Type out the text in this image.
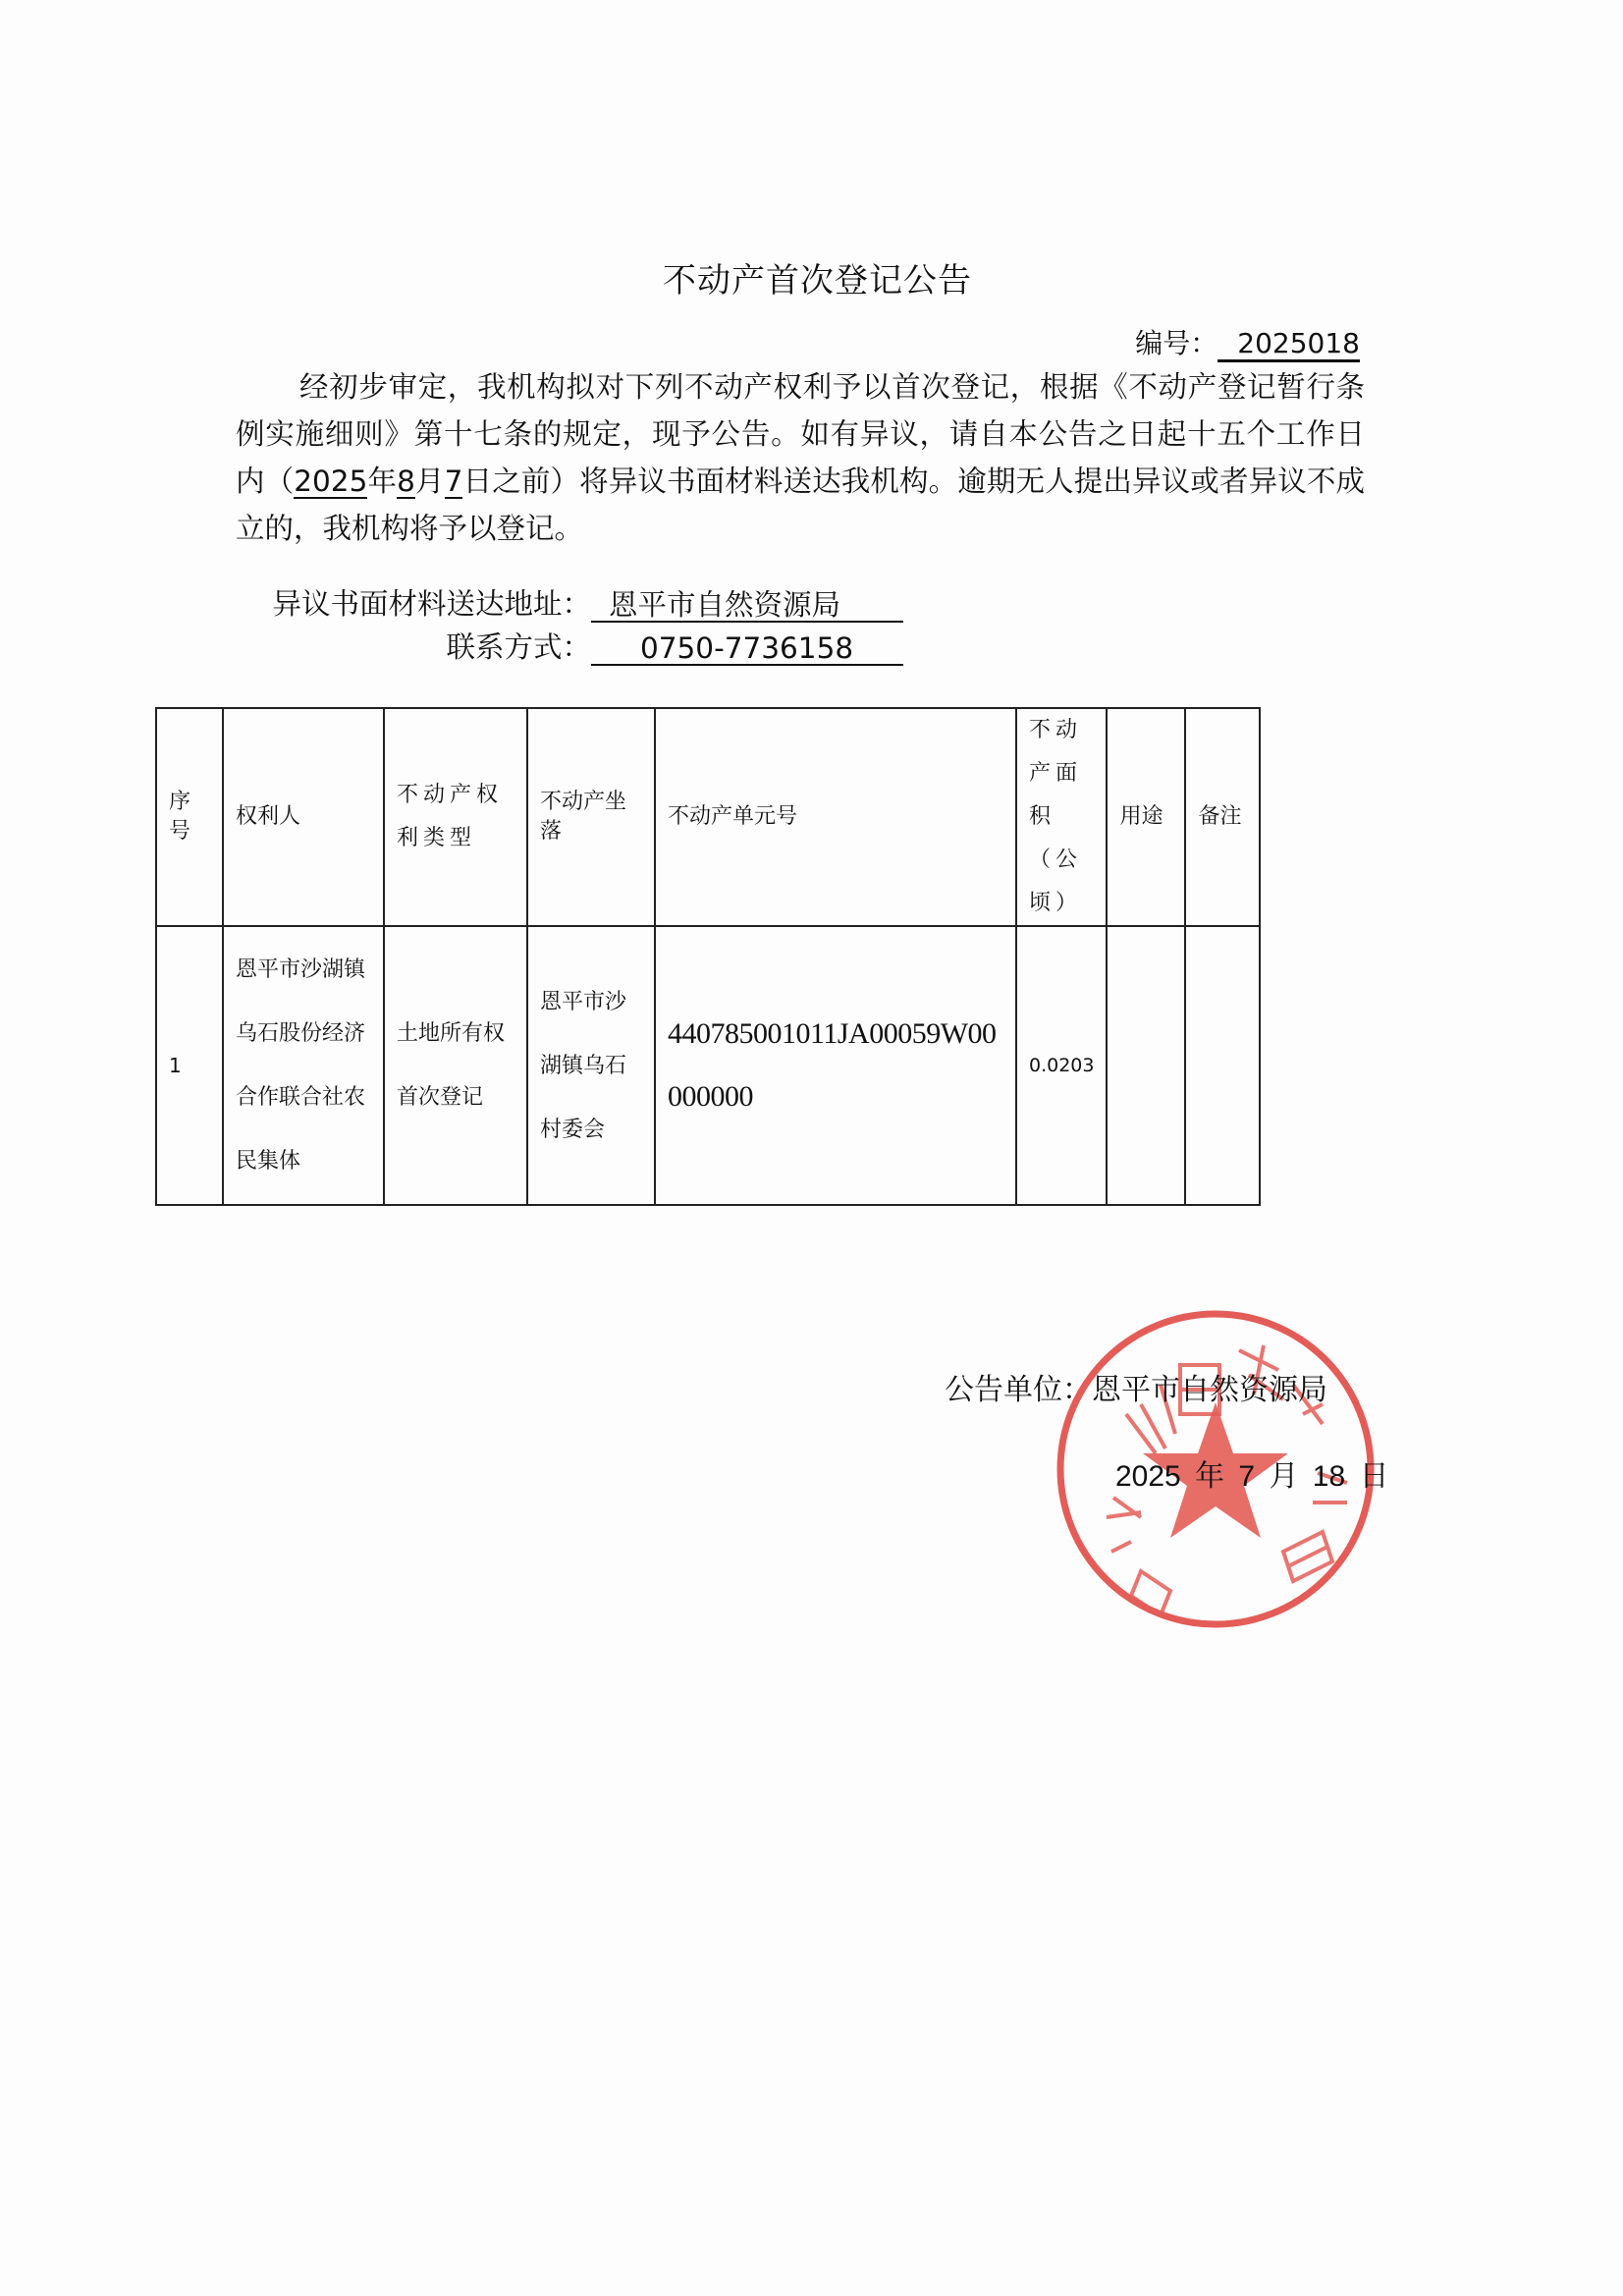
不动产首次登记公告
编号： 2025018
经初步审定，我机构拟对下列不动产权利予以首次登记，根据《不动产登记暂行条例实施细则》第十七条的规定，现予公告。如有异议，请自本公告之日起十五个工作日内（2025年8月7日之前）将异议书面材料送达我机构。逾期无人提出异议或者异议不成立的，我机构将予以登记。
异议书面材料送达地址： 恩平市自然资源局
联系方式：	0750-7736158
序号	权利人	不动产权利类型	不动产坐落	不动产单元号	不动产面积（公顷）	用途	备注
1	恩平市沙湖镇乌石股份经济合作联合社农民集体	土地所有权首次登记	恩平市沙湖镇乌石村委会	440785001011JA00059W00000000	0.0203		
公告单位：恩平市自然资源局
2025 年 7 月 18 日
